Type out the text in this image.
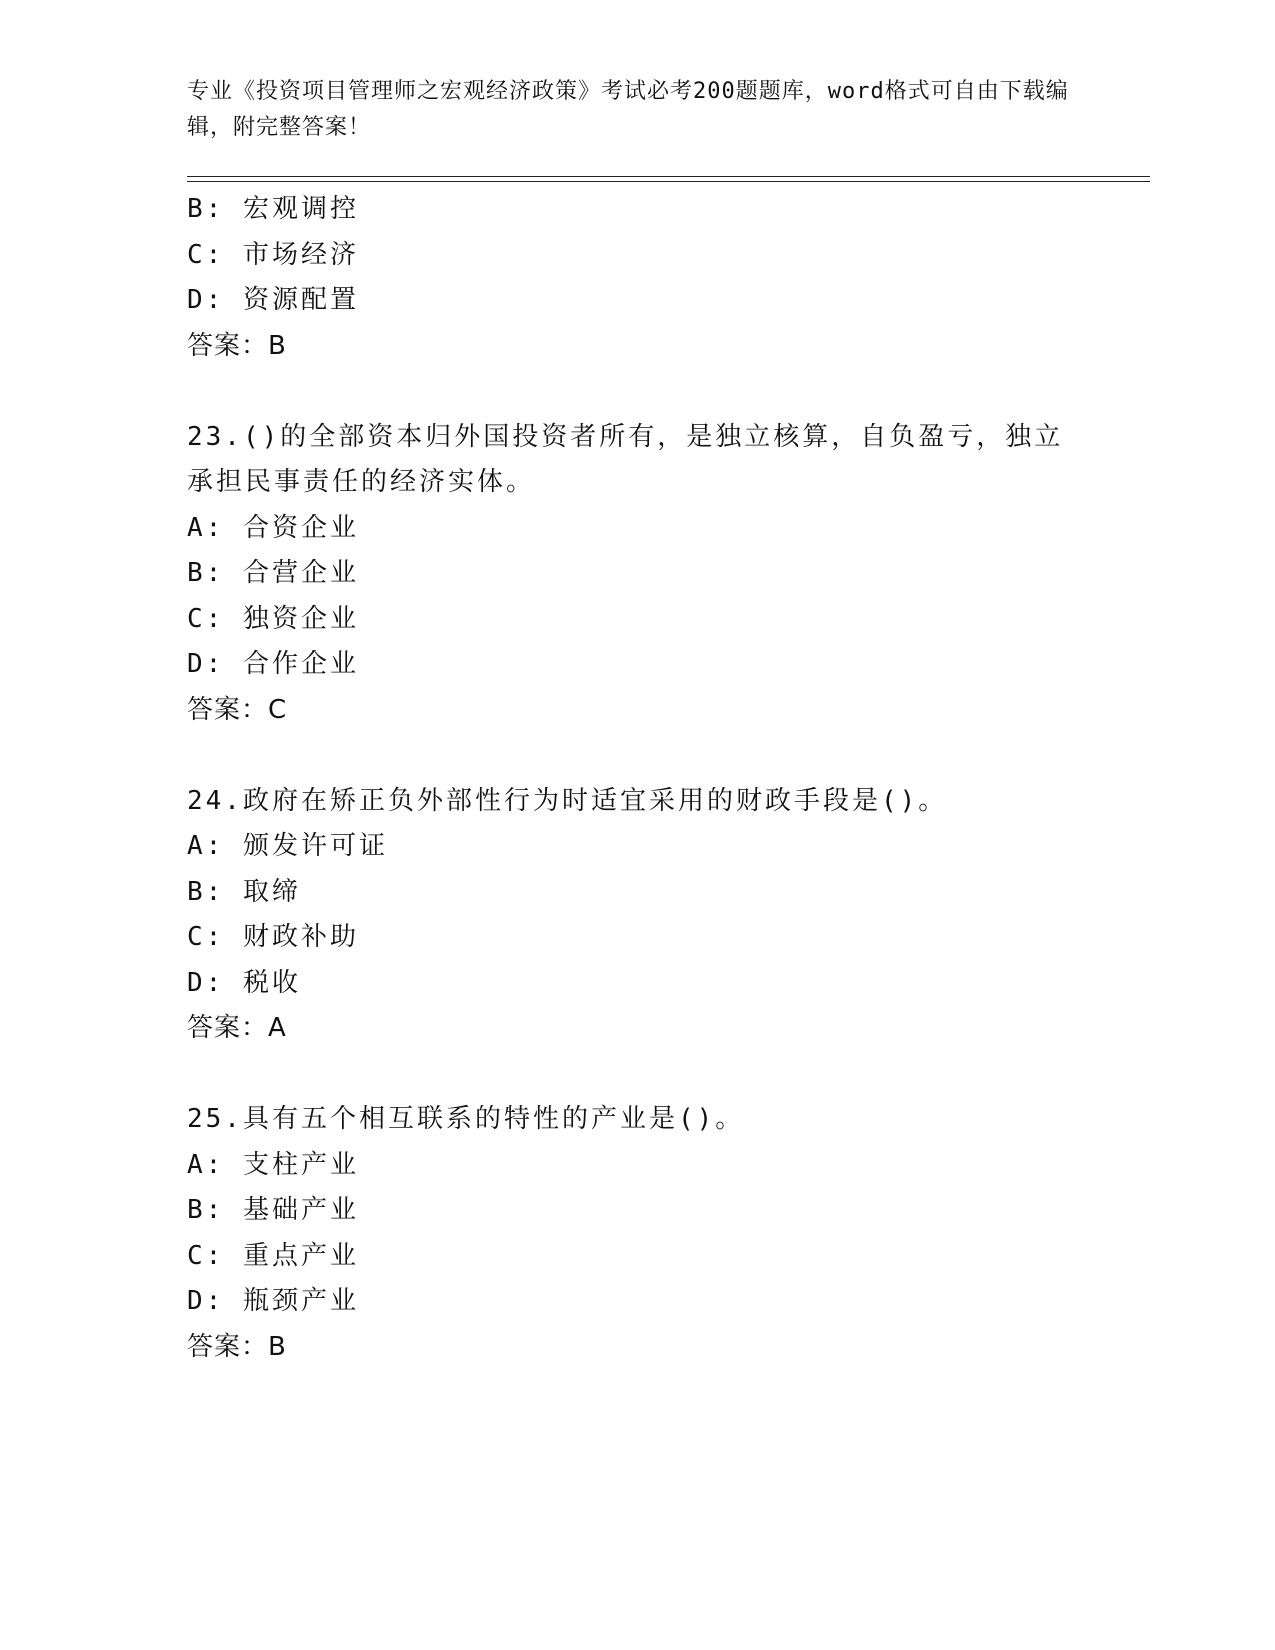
专业《投资项目管理师之宏观经济政策》考试必考200题题库，word格式可自由下载编辑，附完整答案！
B: 宏观调控
C: 市场经济
D: 资源配置
答案：B
23.()的全部资本归外国投资者所有，是独立核算，自负盈亏，独立承担民事责任的经济实体。
A: 合资企业
B: 合营企业
C: 独资企业
D: 合作企业
答案：C
24.政府在矫正负外部性行为时适宜采用的财政手段是()。
A: 颁发许可证
B: 取缔
C: 财政补助
D: 税收
答案：A
25.具有五个相互联系的特性的产业是()。
A: 支柱产业
B: 基础产业
C: 重点产业
D: 瓶颈产业
答案：B
